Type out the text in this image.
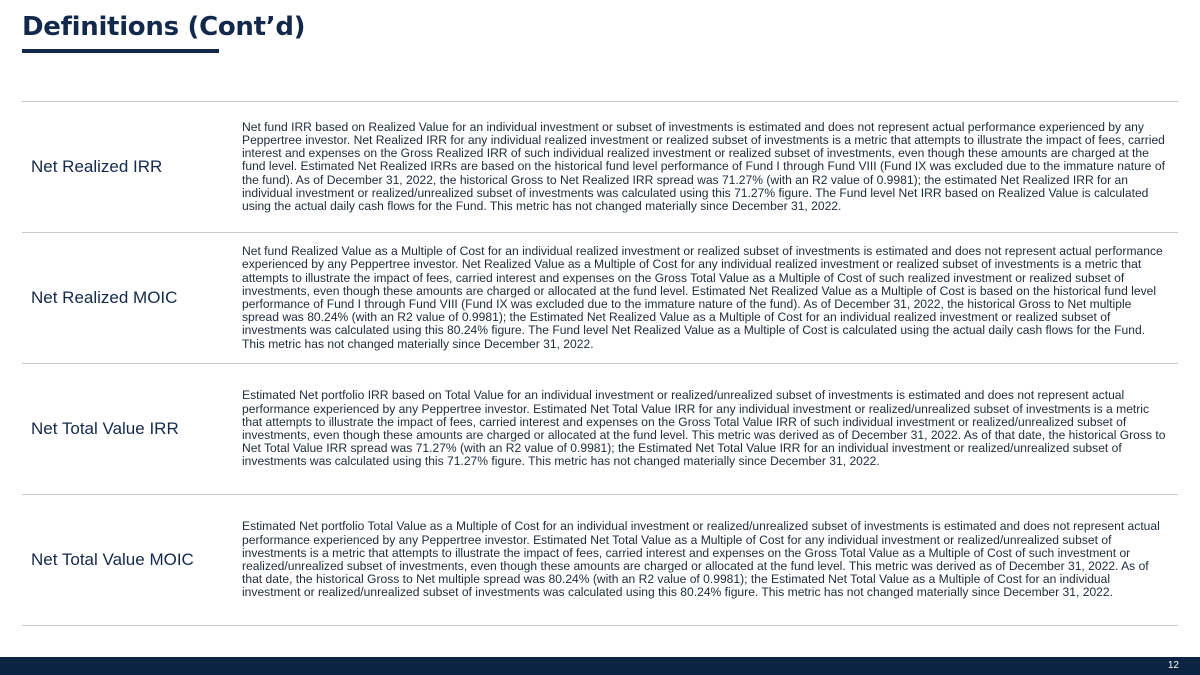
Definitions (Cont’d)
Net Realized IRR
Net fund IRR based on Realized Value for an individual investment or subset of investments is estimated and does not represent actual performance experienced by any Peppertree investor. Net Realized IRR for any individual realized investment or realized subset of investments is a metric that attempts to illustrate the impact of fees, carried interest and expenses on the Gross Realized IRR of such individual realized investment or realized subset of investments, even though these amounts are charged at the fund level. Estimated Net Realized IRRs are based on the historical fund level performance of Fund I through Fund VIII (Fund IX was excluded due to the immature nature of the fund). As of December 31, 2022, the historical Gross to Net Realized IRR spread was 71.27% (with an R2 value of 0.9981); the estimated Net Realized IRR for an individual investment or realized/unrealized subset of investments was calculated using this 71.27% figure. The Fund level Net IRR based on Realized Value is calculated using the actual daily cash flows for the Fund. This metric has not changed materially since December 31, 2022.
Net Realized MOIC
Net fund Realized Value as a Multiple of Cost for an individual realized investment or realized subset of investments is estimated and does not represent actual performance experienced by any Peppertree investor. Net Realized Value as a Multiple of Cost for any individual realized investment or realized subset of investments is a metric that attempts to illustrate the impact of fees, carried interest and expenses on the Gross Total Value as a Multiple of Cost of such realized investment or realized subset of investments, even though these amounts are charged or allocated at the fund level. Estimated Net Realized Value as a Multiple of Cost is based on the historical fund level performance of Fund I through Fund VIII (Fund IX was excluded due to the immature nature of the fund). As of December 31, 2022, the historical Gross to Net multiple spread was 80.24% (with an R2 value of 0.9981); the Estimated Net Realized Value as a Multiple of Cost for an individual realized investment or realized subset of investments was calculated using this 80.24% figure. The Fund level Net Realized Value as a Multiple of Cost is calculated using the actual daily cash flows for the Fund. This metric has not changed materially since December 31, 2022.
Net Total Value IRR
Estimated Net portfolio IRR based on Total Value for an individual investment or realized/unrealized subset of investments is estimated and does not represent actual performance experienced by any Peppertree investor. Estimated Net Total Value IRR for any individual investment or realized/unrealized subset of investments is a metric that attempts to illustrate the impact of fees, carried interest and expenses on the Gross Total Value IRR of such individual investment or realized/unrealized subset of investments, even though these amounts are charged or allocated at the fund level. This metric was derived as of December 31, 2022. As of that date, the historical Gross to Net Total Value IRR spread was 71.27% (with an R2 value of 0.9981); the Estimated Net Total Value IRR for an individual investment or realized/unrealized subset of investments was calculated using this 71.27% figure. This metric has not changed materially since December 31, 2022.
Net Total Value MOIC
Estimated Net portfolio Total Value as a Multiple of Cost for an individual investment or realized/unrealized subset of investments is estimated and does not represent actual performance experienced by any Peppertree investor. Estimated Net Total Value as a Multiple of Cost for any individual investment or realized/unrealized subset of investments is a metric that attempts to illustrate the impact of fees, carried interest and expenses on the Gross Total Value as a Multiple of Cost of such investment or realized/unrealized subset of investments, even though these amounts are charged or allocated at the fund level. This metric was derived as of December 31, 2022. As of that date, the historical Gross to Net multiple spread was 80.24% (with an R2 value of 0.9981); the Estimated Net Total Value as a Multiple of Cost for an individual investment or realized/unrealized subset of investments was calculated using this 80.24% figure. This metric has not changed materially since December 31, 2022.
12
